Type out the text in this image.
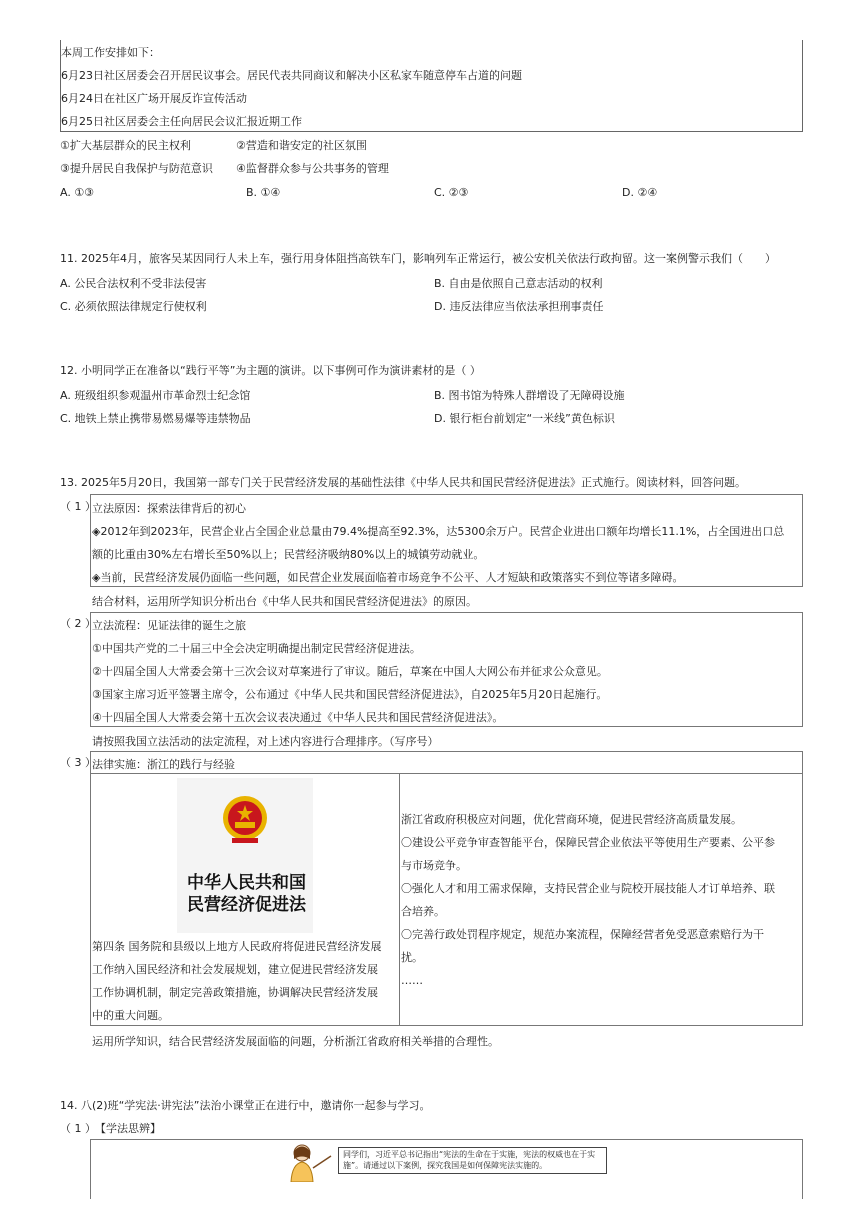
本周工作安排如下：
6月23日社区居委会召开居民议事会。居民代表共同商议和解决小区私家车随意停车占道的问题
6月24日在社区广场开展反诈宣传活动
6月25日社区居委会主任向居民会议汇报近期工作
①扩大基层群众的民主权利	②营造和谐安定的社区氛围
③提升居民自我保护与防范意识 ④监督群众参与公共事务的管理
A. ①③	B. ①④	C. ②③	D. ②④
11. 2025年4月，旅客吴某因同行人未上车，强行用身体阻挡高铁车门，影响列车正常运行，被公安机关依法行政拘留。这一案例警示我们（　　）
A. 公民合法权利不受非法侵害	B. 自由是依照自己意志活动的权利
C. 必须依照法律规定行使权利	D. 违反法律应当依法承担刑事责任
12. 小明同学正在准备以“践行平等”为主题的演讲。以下事例可作为演讲素材的是（ ）
A. 班级组织参观温州市革命烈士纪念馆	B. 图书馆为特殊人群增设了无障碍设施
C. 地铁上禁止携带易燃易爆等违禁物品	D. 银行柜台前划定“一米线”黄色标识
13. 2025年5月20日，我国第一部专门关于民营经济发展的基础性法律《中华人民共和国民营经济促进法》正式施行。阅读材料，回答问题。
（ 1 ）
立法原因：探索法律背后的初心
◈2012年到2023年，民营企业占全国企业总量由79.4%提高至92.3%，达5300余万户。民营企业进出口额年均增长11.1%，占全国进出口总
额的比重由30%左右增长至50%以上；民营经济吸纳80%以上的城镇劳动就业。
◈当前，民营经济发展仍面临一些问题，如民营企业发展面临着市场竞争不公平、人才短缺和政策落实不到位等诸多障碍。
结合材料，运用所学知识分析出台《中华人民共和国民营经济促进法》的原因。
（ 2 ）
立法流程：见证法律的诞生之旅
①中国共产党的二十届三中全会决定明确提出制定民营经济促进法。
②十四届全国人大常委会第十三次会议对草案进行了审议。随后，草案在中国人大网公布并征求公众意见。
③国家主席习近平签署主席令，公布通过《中华人民共和国民营经济促进法》，自2025年5月20日起施行。
④十四届全国人大常委会第十五次会议表决通过《中华人民共和国民营经济促进法》。
请按照我国立法活动的法定流程，对上述内容进行合理排序。（写序号）
（ 3 ）
法律实施：浙江的践行与经验
中华人民共和国
民营经济促进法
第四条 国务院和县级以上地方人民政府将促进民营经济发展
工作纳入国民经济和社会发展规划，建立促进民营经济发展
工作协调机制，制定完善政策措施，协调解决民营经济发展
中的重大问题。
浙江省政府积极应对问题，优化营商环境，促进民营经济高质量发展。
〇建设公平竞争审查智能平台，保障民营企业依法平等使用生产要素、公平参
与市场竞争。
〇强化人才和用工需求保障，支持民营企业与院校开展技能人才订单培养、联
合培养。
〇完善行政处罚程序规定，规范办案流程，保障经营者免受恶意索赔行为干
扰。
……
运用所学知识，结合民营经济发展面临的问题，分析浙江省政府相关举措的合理性。
14. 八(2)班“学宪法·讲宪法”法治小课堂正在进行中，邀请你一起参与学习。
（ 1 ） 【学法思辨】
同学们，习近平总书记指出“宪法的生命在于实施，宪法的权威也在于实施”。请通过以下案例，探究我国是如何保障宪法实施的。
